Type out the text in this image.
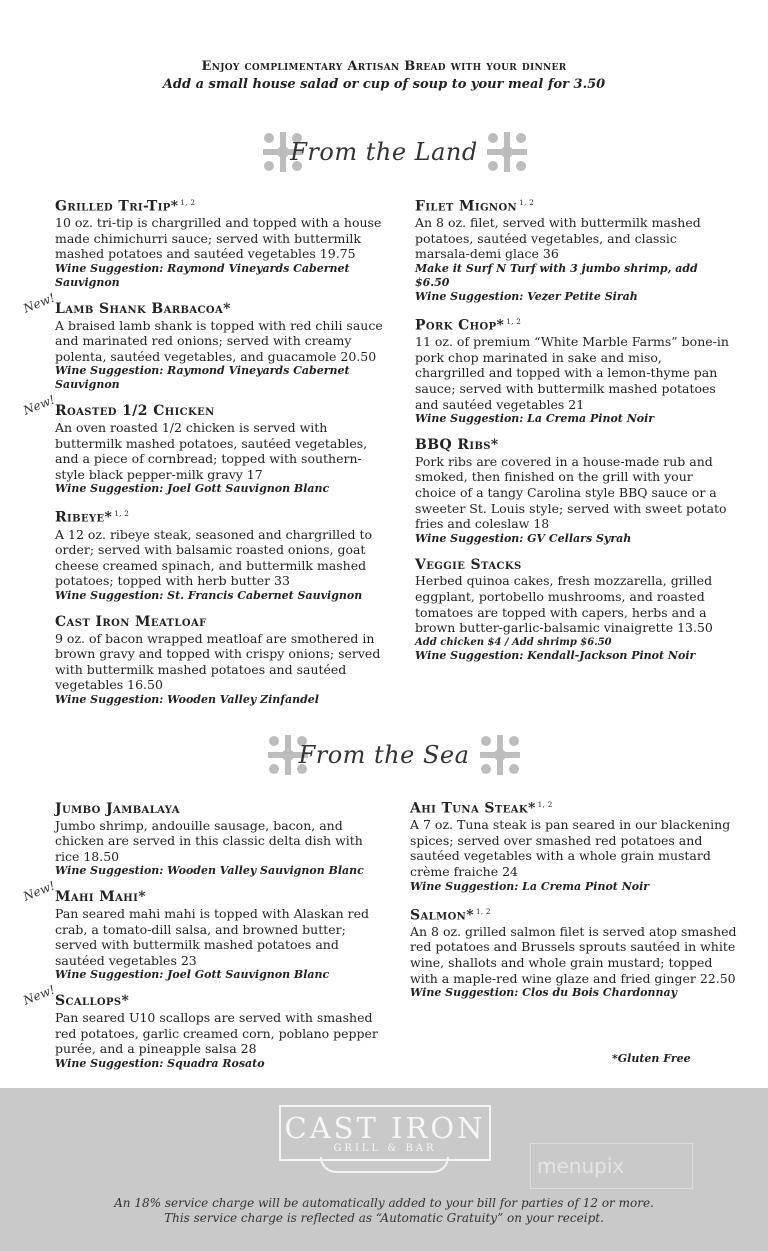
Enjoy complimentary Artisan Bread with your dinner
Add a small house salad or cup of soup to your meal for 3.50
From the Land
Grilled Tri-Tip* $^{1, 2}$
10 oz. tri-tip is chargrilled and topped with a house made chimichurri sauce; served with buttermilk mashed potatoes and sautéed vegetables 19.75
Wine Suggestion: Raymond Vineyards Cabernet Sauvignon
Lamb Shank Barbacoa*
New!
A braised lamb shank is topped with red chili sauce and marinated red onions; served with creamy polenta, sautéed vegetables, and guacamole 20.50
Wine Suggestion: Raymond Vineyards Cabernet Sauvignon
Roasted 1/2 Chicken
New!
An oven roasted 1/2 chicken is served with buttermilk mashed potatoes, sautéed vegetables, and a piece of cornbread; topped with southern-style black pepper-milk gravy 17
Wine Suggestion: Joel Gott Sauvignon Blanc
Ribeye* $^{1, 2}$
A 12 oz. ribeye steak, seasoned and chargrilled to order; served with balsamic roasted onions, goat cheese creamed spinach, and buttermilk mashed potatoes; topped with herb butter 33
Wine Suggestion: St. Francis Cabernet Sauvignon
Cast Iron Meatloaf
9 oz. of bacon wrapped meatloaf are smothered in brown gravy and topped with crispy onions; served with buttermilk mashed potatoes and sautéed vegetables 16.50
Wine Suggestion: Wooden Valley Zinfandel
Filet Mignon $^{1, 2}$
An 8 oz. filet, served with buttermilk mashed potatoes, sautéed vegetables, and classic marsala-demi glace 36
Make it Surf N Turf with 3 jumbo shrimp, add $6.50
Wine Suggestion: Vezer Petite Sirah
Pork Chop* $^{1, 2}$
11 oz. of premium “White Marble Farms” bone-in pork chop marinated in sake and miso, chargrilled and topped with a lemon-thyme pan sauce; served with buttermilk mashed potatoes and sautéed vegetables 21
Wine Suggestion: La Crema Pinot Noir
BBQ Ribs*
Pork ribs are covered in a house-made rub and smoked, then finished on the grill with your choice of a tangy Carolina style BBQ sauce or a sweeter St. Louis style; served with sweet potato fries and coleslaw 18
Wine Suggestion: GV Cellars Syrah
Veggie Stacks
Herbed quinoa cakes, fresh mozzarella, grilled eggplant, portobello mushrooms, and roasted tomatoes are topped with capers, herbs and a brown butter-garlic-balsamic vinaigrette 13.50
Add chicken $4 / Add shrimp $6.50
Wine Suggestion: Kendall-Jackson Pinot Noir
From the Sea
Jumbo Jambalaya
Jumbo shrimp, andouille sausage, bacon, and chicken are served in this classic delta dish with rice 18.50
Wine Suggestion: Wooden Valley Sauvignon Blanc
Mahi Mahi*
New!
Pan seared mahi mahi is topped with Alaskan red crab, a tomato-dill salsa, and browned butter; served with buttermilk mashed potatoes and sautéed vegetables 23
Wine Suggestion: Joel Gott Sauvignon Blanc
Scallops*
New!
Pan seared U10 scallops are served with smashed red potatoes, garlic creamed corn, poblano pepper purée, and a pineapple salsa 28
Wine Suggestion: Squadra Rosato
Ahi Tuna Steak* $^{1, 2}$
A 7 oz. Tuna steak is pan seared in our blackening spices; served over smashed red potatoes and sautéed vegetables with a whole grain mustard crème fraiche 24
Wine Suggestion: La Crema Pinot Noir
Salmon* $^{1, 2}$
An 8 oz. grilled salmon filet is served atop smashed red potatoes and Brussels sprouts sautéed in white wine, shallots and whole grain mustard; topped with a maple-red wine glaze and fried ginger 22.50
Wine Suggestion: Clos du Bois Chardonnay
*Gluten Free
CAST IRON
GRILL & BAR
menupix
An 18% service charge will be automatically added to your bill for parties of 12 or more.
This service charge is reflected as “Automatic Gratuity” on your receipt.
